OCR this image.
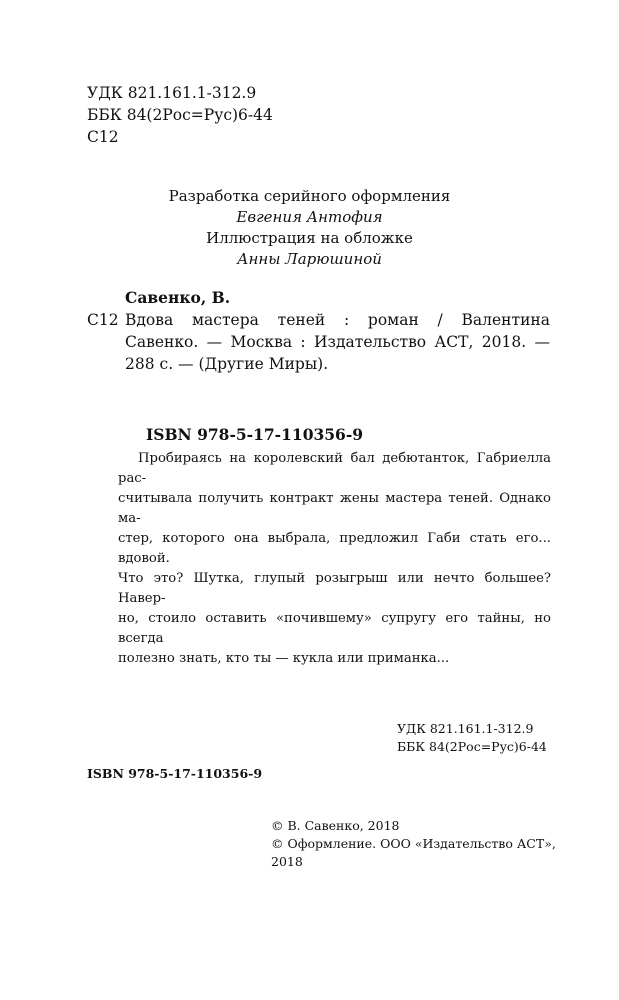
УДК 821.161.1-312.9
ББК 84(2Рос=Рус)6-44
С12
Разработка серийного оформления
Евгения Антофия
Иллюстрация на обложке
Анны Ларюшиной
Савенко, В.
С12 Вдова мастера теней : роман / Валентина
Савенко. — Москва : Издательство АСТ, 2018. —
288 с. — (Другие Миры).
ISBN 978-5-17-110356-9

Пробираясь на королевский бал дебютанток, Габриелла рас-

считывала получить контракт жены мастера теней. Однако ма-
стер, которого она выбрала, предложил Габи стать его... вдовой.
Что это? Шутка, глупый розыгрыш или нечто большее? Навер-
но, стоило оставить «почившему» супругу его тайны, но всегда
полезно знать, кто ты — кукла или приманка...
УДК 821.161.1-312.9
ББК 84(2Рос=Рус)6-44
ISBN 978-5-17-110356-9
© В. Савенко, 2018
© Оформление. ООО «Издательство АСТ»,
2018
